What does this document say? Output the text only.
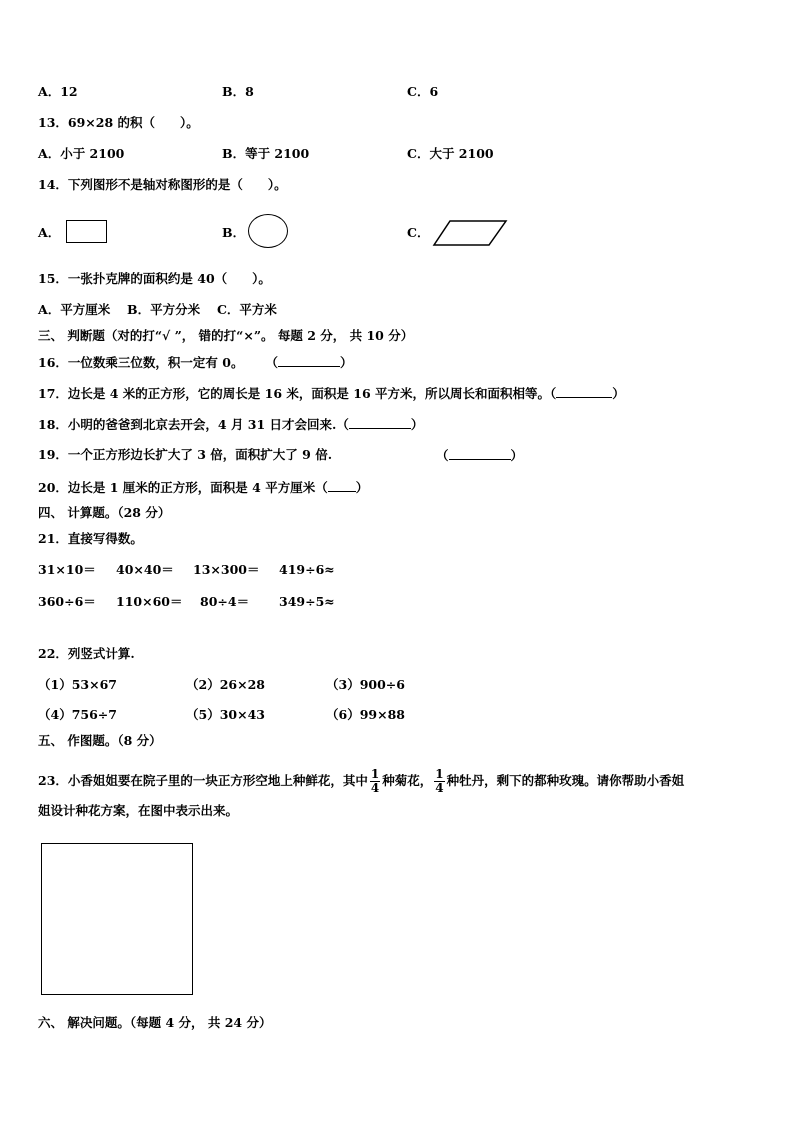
A．12	B．8	C．6
13．69×28 的积（　　）。
A．小于 2100	B．等于 2100	C．大于 2100
14．下列图形不是轴对称图形的是（　　）。
A．	B．	C．
15．一张扑克牌的面积约是 40（　　）。
A．平方厘米　 B．平方分米　 C．平方米
三、 判断题（对的打“√ ”， 错的打“×”。 每题 2 分， 共 10 分）
16．一位数乘三位数，积一定有 0。 （	）
17．边长是 4 米的正方形，它的周长是 16 米，面积是 16 平方米，所以周长和面积相等。（	）
18．小明的爸爸到北京去开会，4 月 31 日才会回来.（	）
19．一个正方形边长扩大了 3 倍，面积扩大了 9 倍.	（	）
20．边长是 1 厘米的正方形，面积是 4 平方厘米（ ）
四、 计算题。（28 分）
21．直接写得数。
31×10＝ 40×40＝ 13×300＝ 419÷6≈
360÷6＝ 110×60＝ 80÷4＝ 349÷5≈
22．列竖式计算.
（1）53×67	（2）26×28	（3）900÷6
（4）756÷7	（5）30×43	（6）99×88
五、 作图题。（8 分）
23．小香姐姐要在院子里的一块正方形空地上种鲜花，其中 $\frac{1}{4}$ 种菊花， $\frac{1}{4}$ 种牡丹，剩下的都种玫瑰。请你帮助小香姐
姐设计种花方案，在图中表示出来。
六、 解决问题。（每题 4 分， 共 24 分）
